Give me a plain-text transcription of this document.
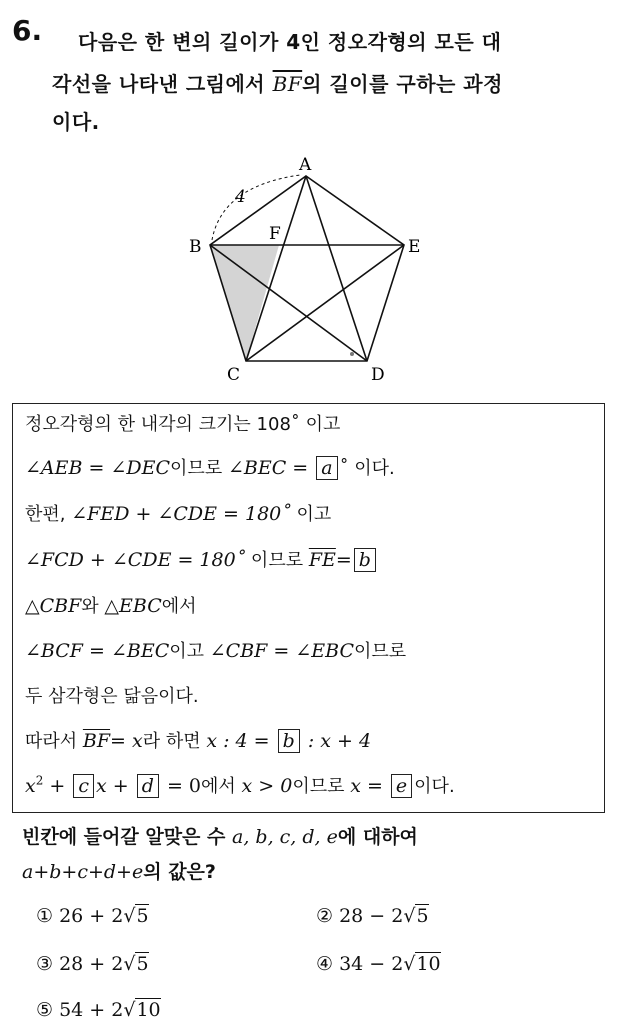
6. 다음은 한 변의 길이가 4인 정오각형의 모든 대
각선을 나타낸 그림에서 $\overline{BF}$의 길이를 구하는 과정
이다.
A
B
C	D
E
F
4
정오각형의 한 내각의 크기는 108˚ 이고
∠AEB = ∠DEC이므로 ∠BEC = a ˚ 이다.
한편, ∠FED + ∠CDE = 180˚ 이고
∠FCD + ∠CDE = 180˚ 이므로 $\overline{FE}= b$
△CBF와 △EBC에서
∠BCF = ∠BEC이고 ∠CBF = ∠EBC이므로
두 삼각형은 닮음이다.
따라서 $\overline{BF}= x$라 하면 x : 4 = b : x + 4
$x^2 + c$ x + d = 0에서 x > 0이므로 x = e 이다.
빈칸에 들어갈 알맞은 수 a, b, c, d, e에 대하여
a+b+c+d+e의 값은?
① 26 + 2√5	② 28 − 2√5
③ 28 + 2√5	④ 34 − 2√10
⑤ 54 + 2√10
